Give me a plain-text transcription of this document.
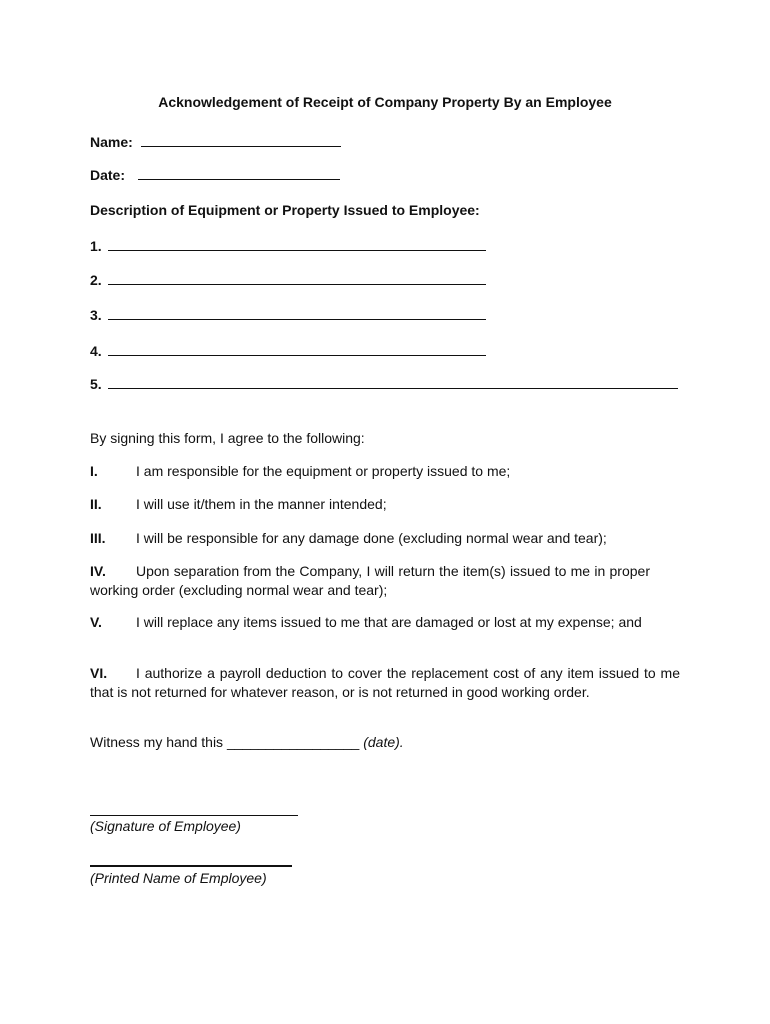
Acknowledgement of Receipt of Company Property By an Employee
Name:
Date:
Description of Equipment or Property Issued to Employee:
1.
2.
3.
4.
5.
By signing this form, I agree to the following:
I.	I am responsible for the equipment or property issued to me;
II. I will use it/them in the manner intended;
III. I will be responsible for any damage done (excluding normal wear and tear);
IV. Upon separation from the Company, I will return the item(s) issued to me in proper working order (excluding normal wear and tear);
V. I will replace any items issued to me that are damaged or lost at my expense; and
VI. I authorize a payroll deduction to cover the replacement cost of any item issued to me that is not returned for whatever reason, or is not returned in good working order.
Witness my hand this _________________ (date).
(Signature of Employee)
(Printed Name of Employee)
